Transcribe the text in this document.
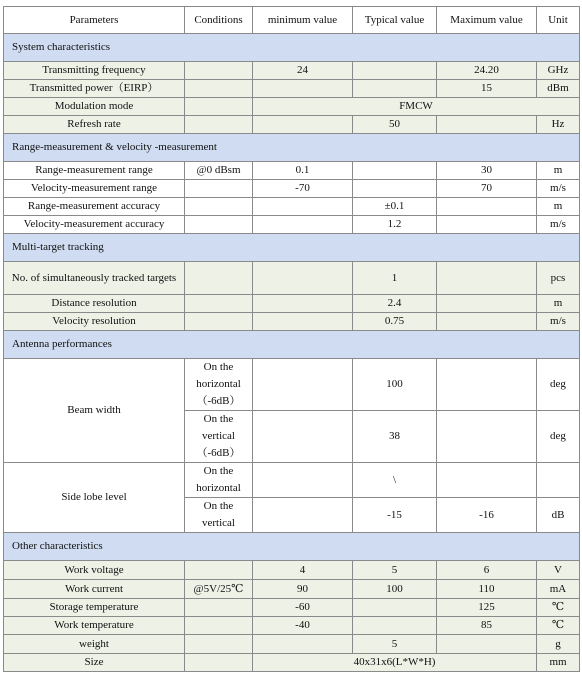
Parameters	Conditions	minimum value	Typical value	Maximum value	Unit
System characteristics					
Transmitting frequency		24		24.20	GHz
Transmitted power（EIRP）				15	dBm
Modulation mode		FMCW			
Refresh rate			50		Hz
Range-measurement & velocity -measurement					
Range-measurement range	@0 dBsm	0.1		30	m
Velocity-measurement range		-70		70	m/s
Range-measurement accuracy			±0.1		m
Velocity-measurement accuracy			1.2		m/s
Multi-target tracking					
No. of simultaneously tracked targets			1		pcs
Distance resolution			2.4		m
Velocity resolution			0.75		m/s
Antenna performances					
Beam width	On the horizontal （-6dB）		100		deg
	On the vertical （-6dB）		38		deg
Side lobe level	On the horizontal		\		
	On the vertical		-15	-16	dB
Other characteristics					
Work voltage		4	5	6	V
Work current	@5V/25℃	90	100	110	mA
Storage temperature		-60		125	℃
Work temperature		-40		85	℃
weight			5		g
Size		40x31x6(L*W*H)			mm
